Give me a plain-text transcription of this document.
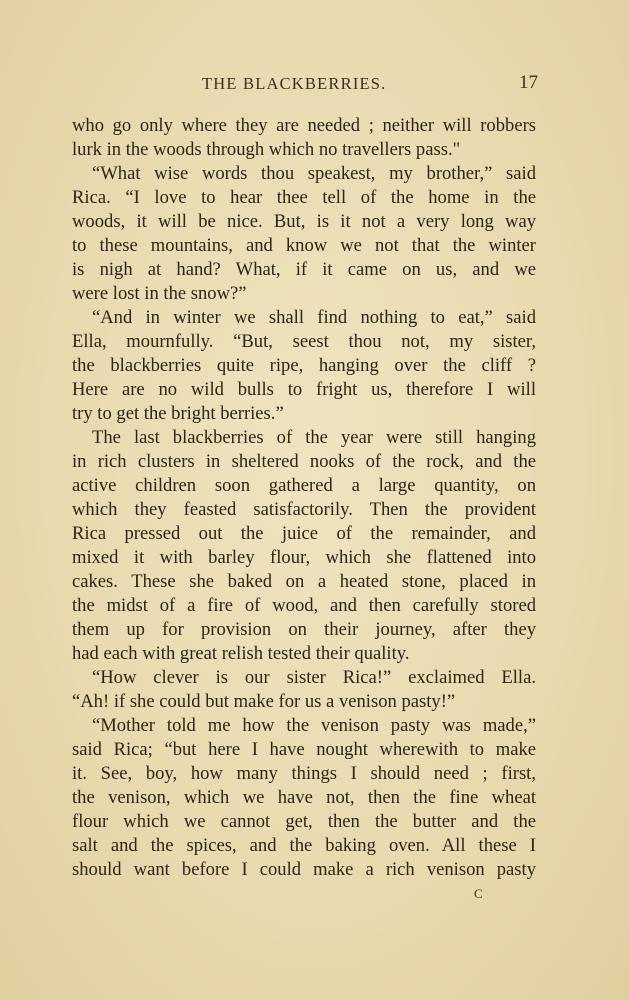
THE BLACKBERRIES.	17
who go only where they are needed ; neither will robbers
lurk in the woods through which no travellers pass."
“What wise words thou speakest, my brother,” said
Rica. “I love to hear thee tell of the home in the
woods, it will be nice. But, is it not a very long way
to these mountains, and know we not that the winter
is nigh at hand? What, if it came on us, and we
were lost in the snow?”
“And in winter we shall find nothing to eat,” said
Ella, mournfully. “But, seest thou not, my sister,
the blackberries quite ripe, hanging over the cliff ?
Here are no wild bulls to fright us, therefore I will
try to get the bright berries.”
The last blackberries of the year were still hanging
in rich clusters in sheltered nooks of the rock, and the
active children soon gathered a large quantity, on
which they feasted satisfactorily. Then the provident
Rica pressed out the juice of the remainder, and
mixed it with barley flour, which she flattened into
cakes. These she baked on a heated stone, placed in
the midst of a fire of wood, and then carefully stored
them up for provision on their journey, after they
had each with great relish tested their quality.
“How clever is our sister Rica!” exclaimed Ella.
“Ah! if she could but make for us a venison pasty!”
“Mother told me how the venison pasty was made,”
said Rica; “but here I have nought wherewith to make
it. See, boy, how many things I should need ; first,
the venison, which we have not, then the fine wheat
flour which we cannot get, then the butter and the
salt and the spices, and the baking oven. All these I
should want before I could make a rich venison pasty
C
